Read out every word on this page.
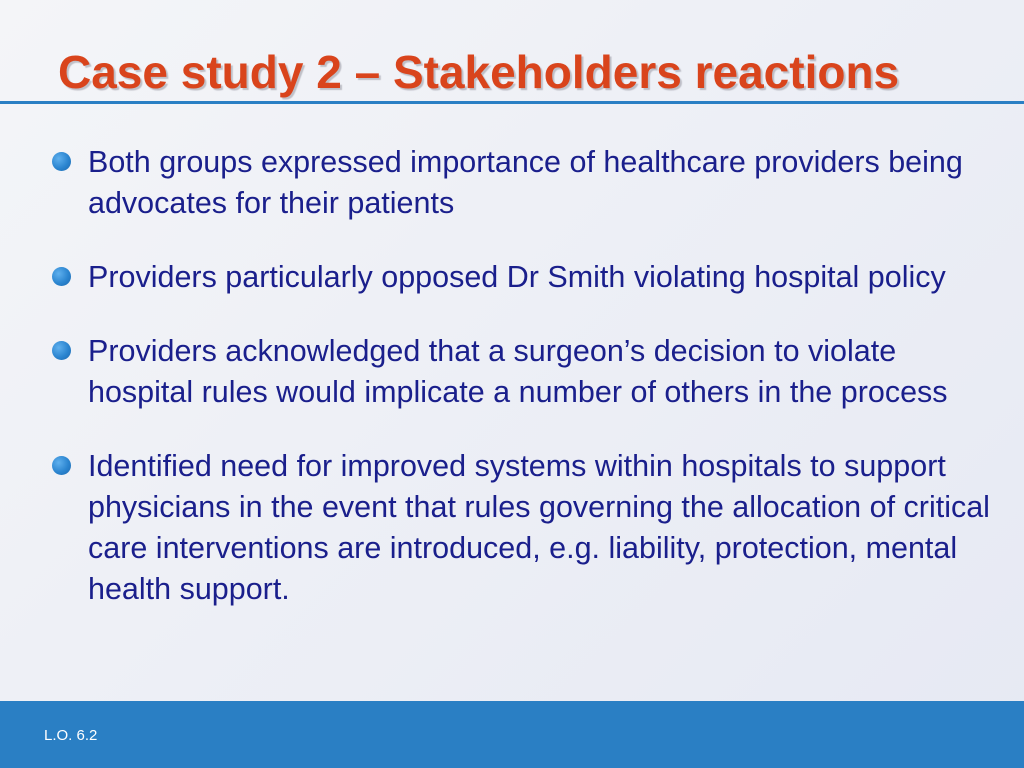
Case study 2 – Stakeholders reactions
Both groups expressed importance of healthcare providers being advocates for their patients
Providers particularly opposed Dr Smith violating hospital policy
Providers acknowledged that a surgeon’s decision to violate hospital rules would implicate a number of others in the process
Identified need for improved systems within hospitals to support physicians in the event that rules governing the allocation of critical care interventions are introduced, e.g. liability, protection, mental health support.
L.O. 6.2
